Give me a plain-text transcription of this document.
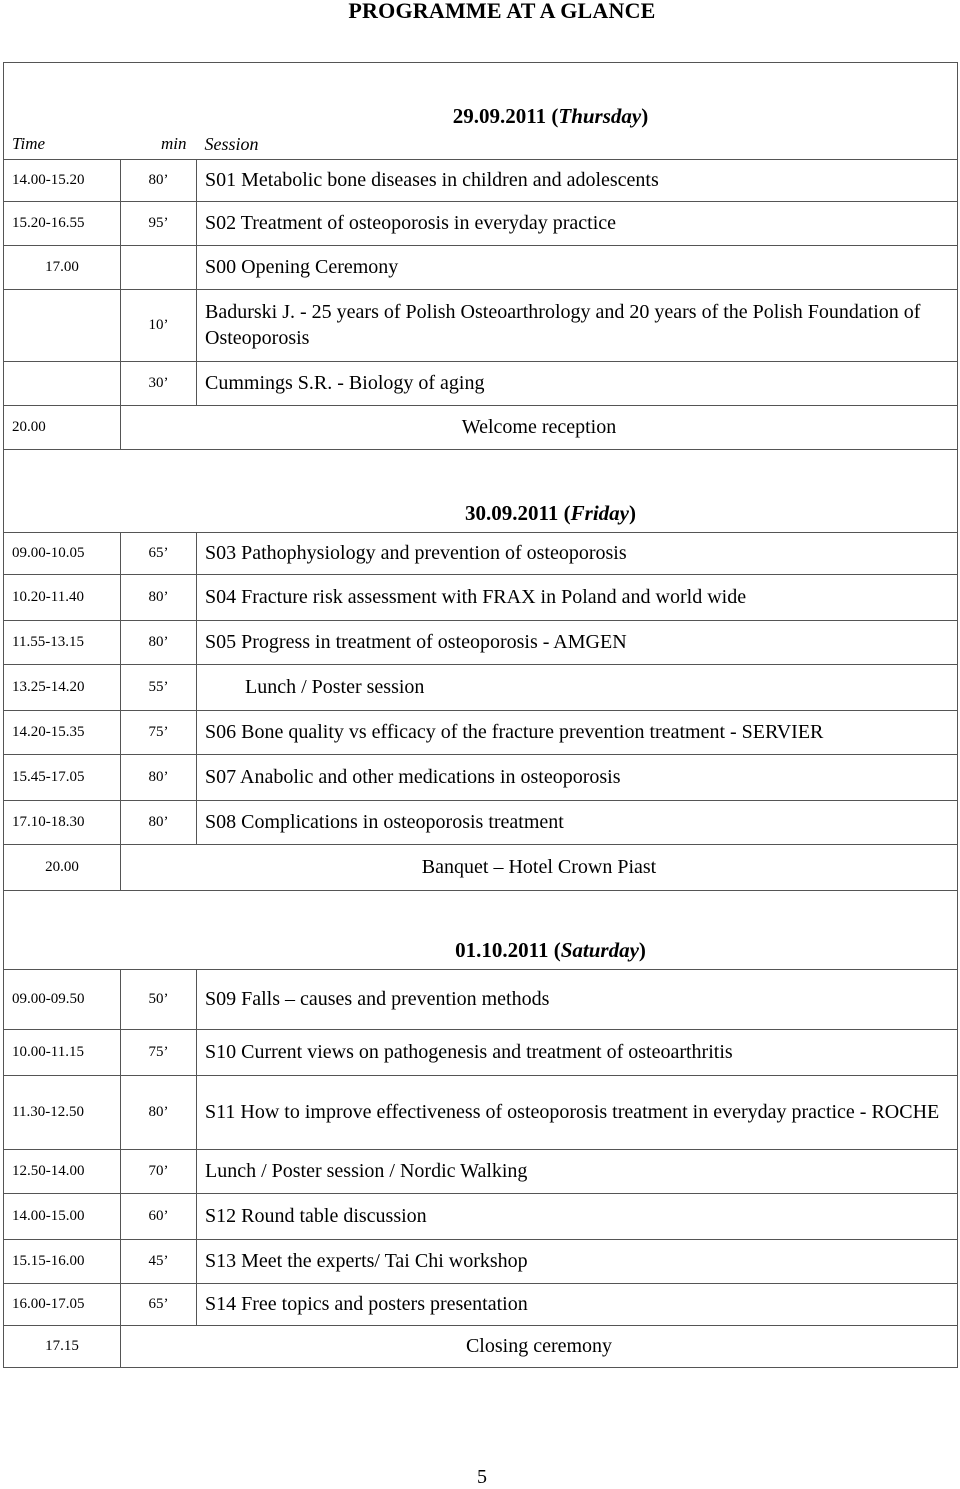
PROGRAMME AT A GLANCE
29.09.2011 (Thursday)		
Time	min	Session
14.00-15.20	80’	S01 Metabolic bone diseases in children and adolescents
15.20-16.55	95’	S02 Treatment of osteoporosis in everyday practice
17.00		S00 Opening Ceremony
	10’	Badurski J. - 25 years of Polish Osteoarthrology and 20 years of the Polish Foundation of Osteoporosis
	30’	Cummings S.R. - Biology of aging
20.00	Welcome reception	
30.09.2011 (Friday)		
09.00-10.05	65’	S03 Pathophysiology and prevention of osteoporosis
10.20-11.40	80’	S04 Fracture risk assessment with FRAX in Poland and world wide
11.55-13.15	80’	S05 Progress in treatment of osteoporosis - AMGEN
13.25-14.20	55’	Lunch / Poster session
14.20-15.35	75’	S06 Bone quality vs efficacy of the fracture prevention treatment - SERVIER
15.45-17.05	80’	S07 Anabolic and other medications in osteoporosis
17.10-18.30	80’	S08 Complications in osteoporosis treatment
20.00	Banquet – Hotel Crown Piast	
01.10.2011 (Saturday)		
09.00-09.50	50’	S09 Falls – causes and prevention methods
10.00-11.15	75’	S10 Current views on pathogenesis and treatment of osteoarthritis
11.30-12.50	80’	S11 How to improve effectiveness of osteoporosis treatment in everyday practice - ROCHE
12.50-14.00	70’	Lunch / Poster session / Nordic Walking
14.00-15.00	60’	S12 Round table discussion
15.15-16.00	45’	S13 Meet the experts/ Tai Chi workshop
16.00-17.05	65’	S14 Free topics and posters presentation
17.15	Closing ceremony	
5
